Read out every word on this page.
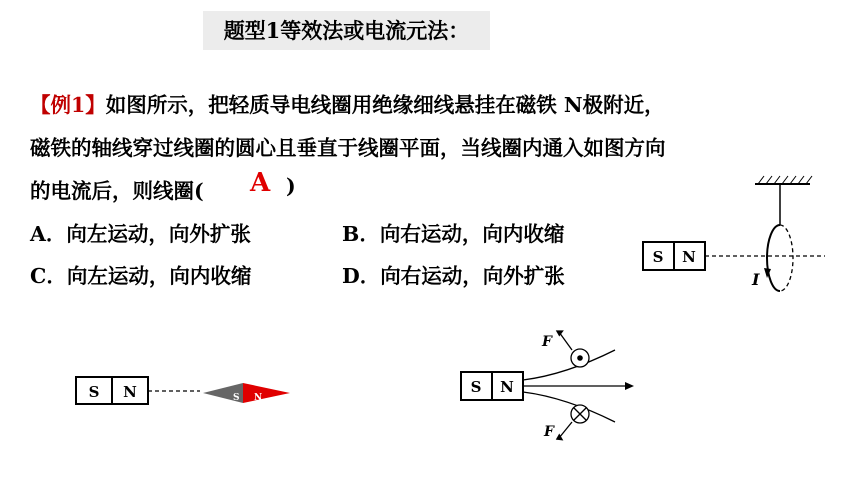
题型1等效法或电流元法：
【例1】如图所示，把轻质导电线圈用绝缘细线悬挂在磁铁 N极附近，
磁铁的轴线穿过线圈的圆心且垂直于线圈平面，当线圈内通入如图方向
的电流后，则线圈( A )
A．向左运动，向外扩张	B．向右运动，向内收缩
C．向左运动，向内收缩	D．向右运动，向外扩张
S N
I
S N	S N
S N
F
F
